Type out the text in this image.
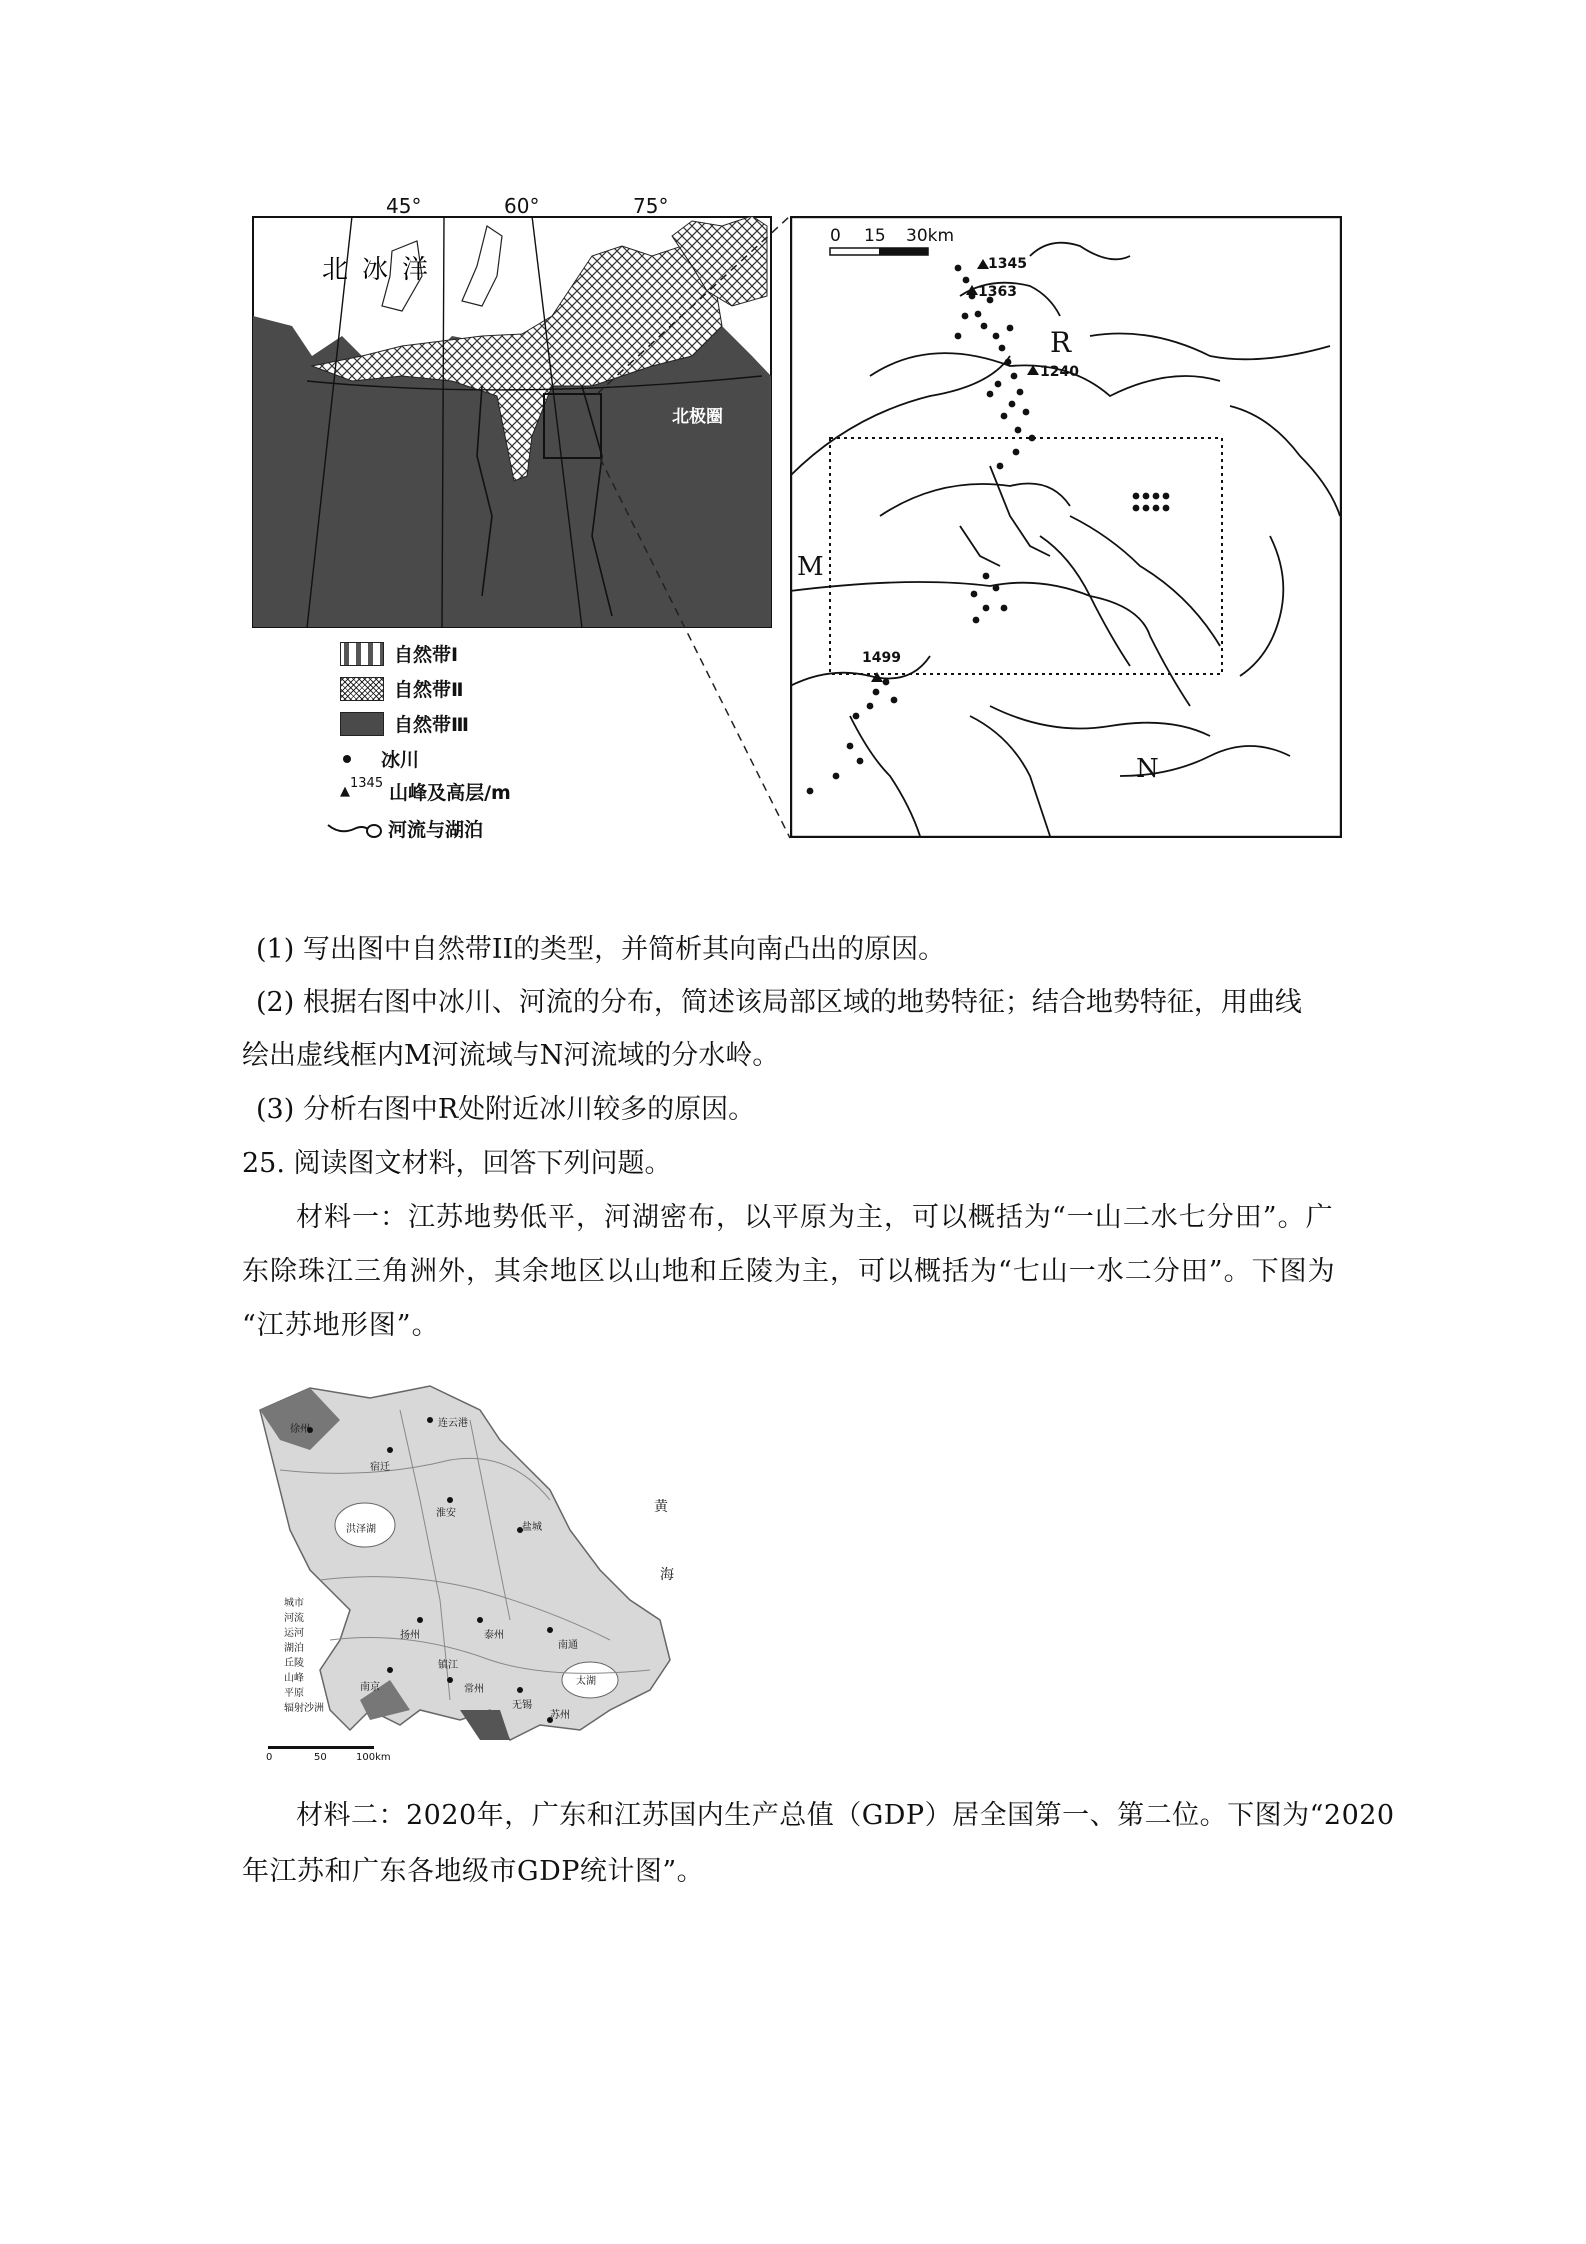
北冰洋
北极圈
45°	60°	75°
自然带Ⅰ
自然带Ⅱ
自然带Ⅲ
冰川
▲
1345 山峰及高层/m
河流与湖泊
0 15 30km
1345
1363
1240
1499
R
N
M
(1) 写出图中自然带II的类型，并简析其向南凸出的原因。
(2) 根据右图中冰川、河流的分布，简述该局部区域的地势特征；结合地势特征，用曲线
绘出虚线框内M河流域与N河流域的分水岭。
(3) 分析右图中R处附近冰川较多的原因。
25. 阅读图文材料，回答下列问题。
材料一：江苏地势低平，河湖密布，以平原为主，可以概括为“一山二水七分田”。广
东除珠江三角洲外，其余地区以山地和丘陵为主，可以概括为“七山一水二分田”。下图为
“江苏地形图”。
黄
海
连云港
徐州
宿迁
淮安
盐城
扬州	泰州
南通
南京
镇江
常州
无锡
苏州
太湖
洪泽湖
城市
河流
运河
湖泊
丘陵
山峰
平原
辐射沙洲
0	50	100km
材料二：2020年，广东和江苏国内生产总值（GDP）居全国第一、第二位。下图为“2020
年江苏和广东各地级市GDP统计图”。
